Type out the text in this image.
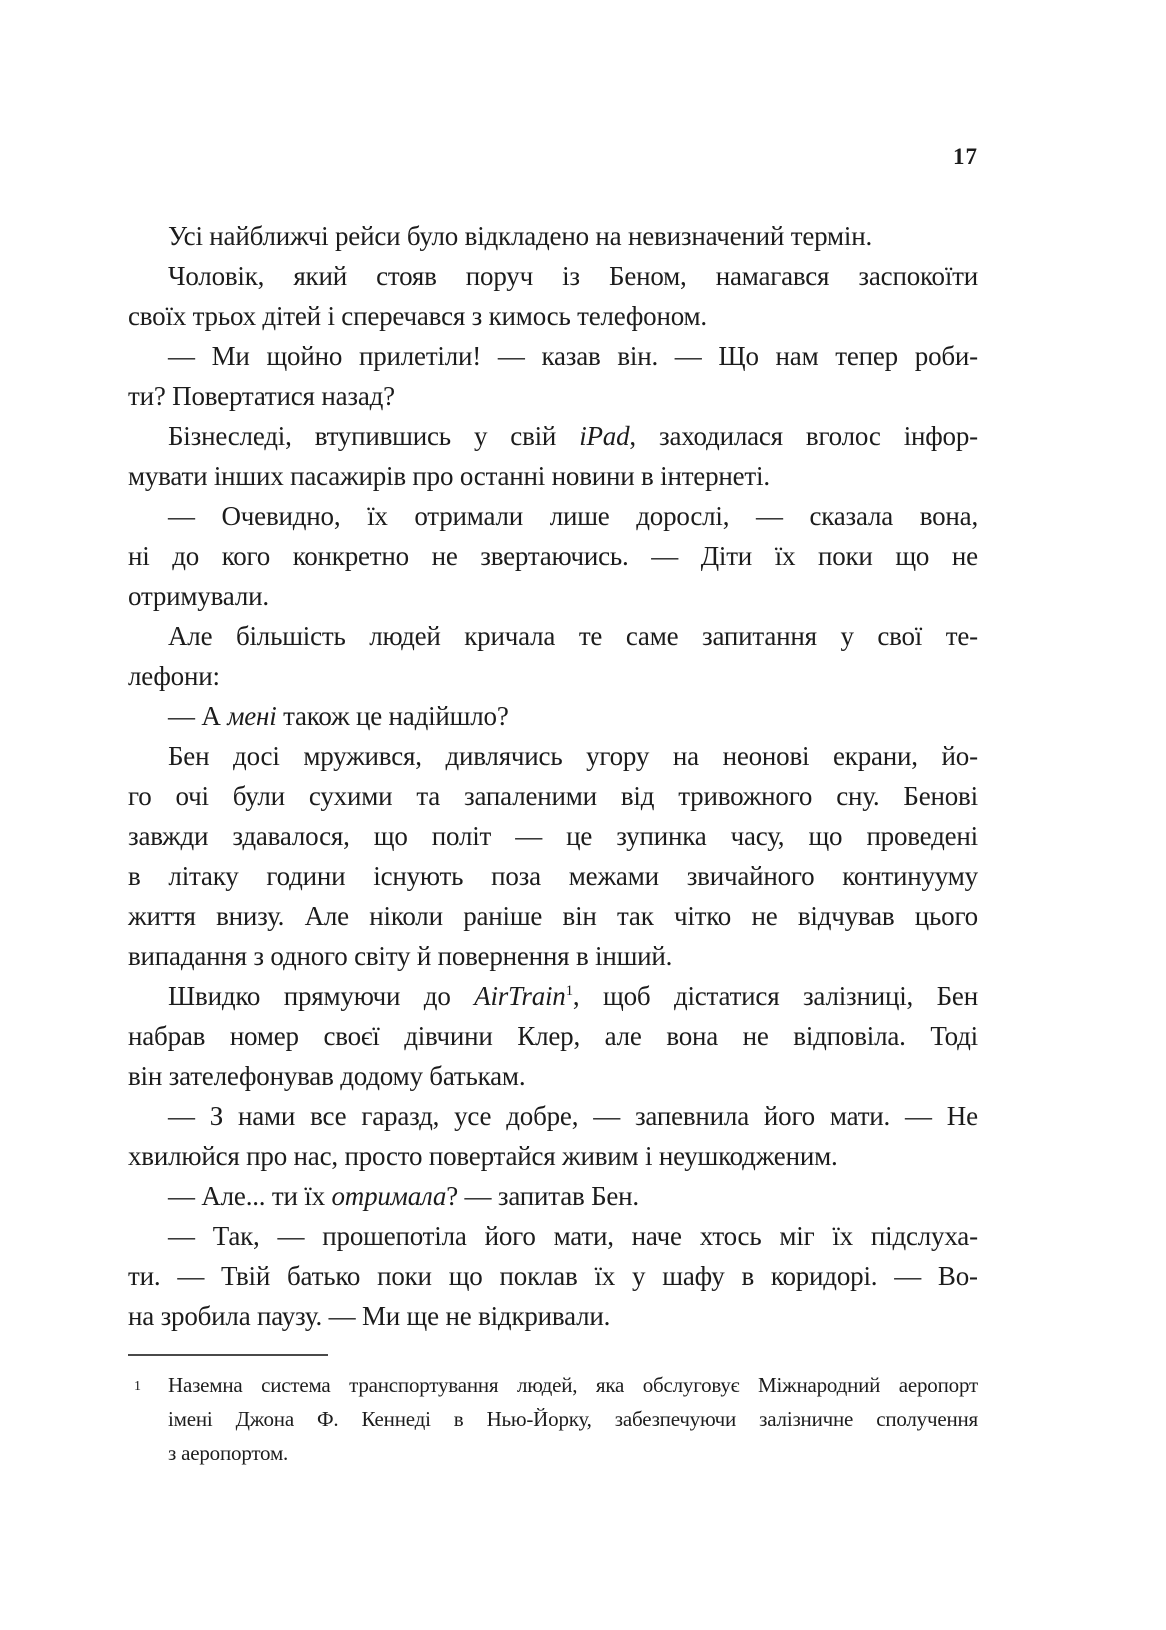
17
Усі найближчі рейси було відкладено на невизначений термін.
Чоловік, який стояв поруч із Беном, намагався заспокоїти
своїх трьох дітей і сперечався з кимось телефоном.
— Ми щойно прилетіли! — казав він. — Що нам тепер роби-
ти? Повертатися назад?
Бізнеследі, втупившись у свій iPad, заходилася вголос інфор-
мувати інших пасажирів про останні новини в інтернеті.
— Очевидно, їх отримали лише дорослі, — сказала вона,
ні до кого конкретно не звертаючись. — Діти їх поки що не
отримували.
Але більшість людей кричала те саме запитання у свої те-
лефони:
— А мені також це надійшло?
Бен досі мружився, дивлячись угору на неонові екрани, йо-
го очі були сухими та запаленими від тривожного сну. Бенові
завжди здавалося, що політ — це зупинка часу, що проведені
в літаку години існують поза межами звичайного континууму
життя внизу. Але ніколи раніше він так чітко не відчував цього
випадання з одного світу й повернення в інший.
Швидко прямуючи до AirTrain$^1$, щоб дістатися залізниці, Бен
набрав номер своєї дівчини Клер, але вона не відповіла. Тоді
він зателефонував додому батькам.
— З нами все гаразд, усе добре, — запевнила його мати. — Не
хвилюйся про нас, просто повертайся живим і неушкодженим.
— Але... ти їх отримала? — запитав Бен.
— Так, — прошепотіла його мати, наче хтось міг їх підслуха-
ти. — Твій батько поки що поклав їх у шафу в коридорі. — Во-
на зробила паузу. — Ми ще не відкривали.
1 Наземна система транспортування людей, яка обслуговує Міжнародний аеропорт
імені Джона Ф. Кеннеді в Нью-Йорку, забезпечуючи залізничне сполучення
з аеропортом.
